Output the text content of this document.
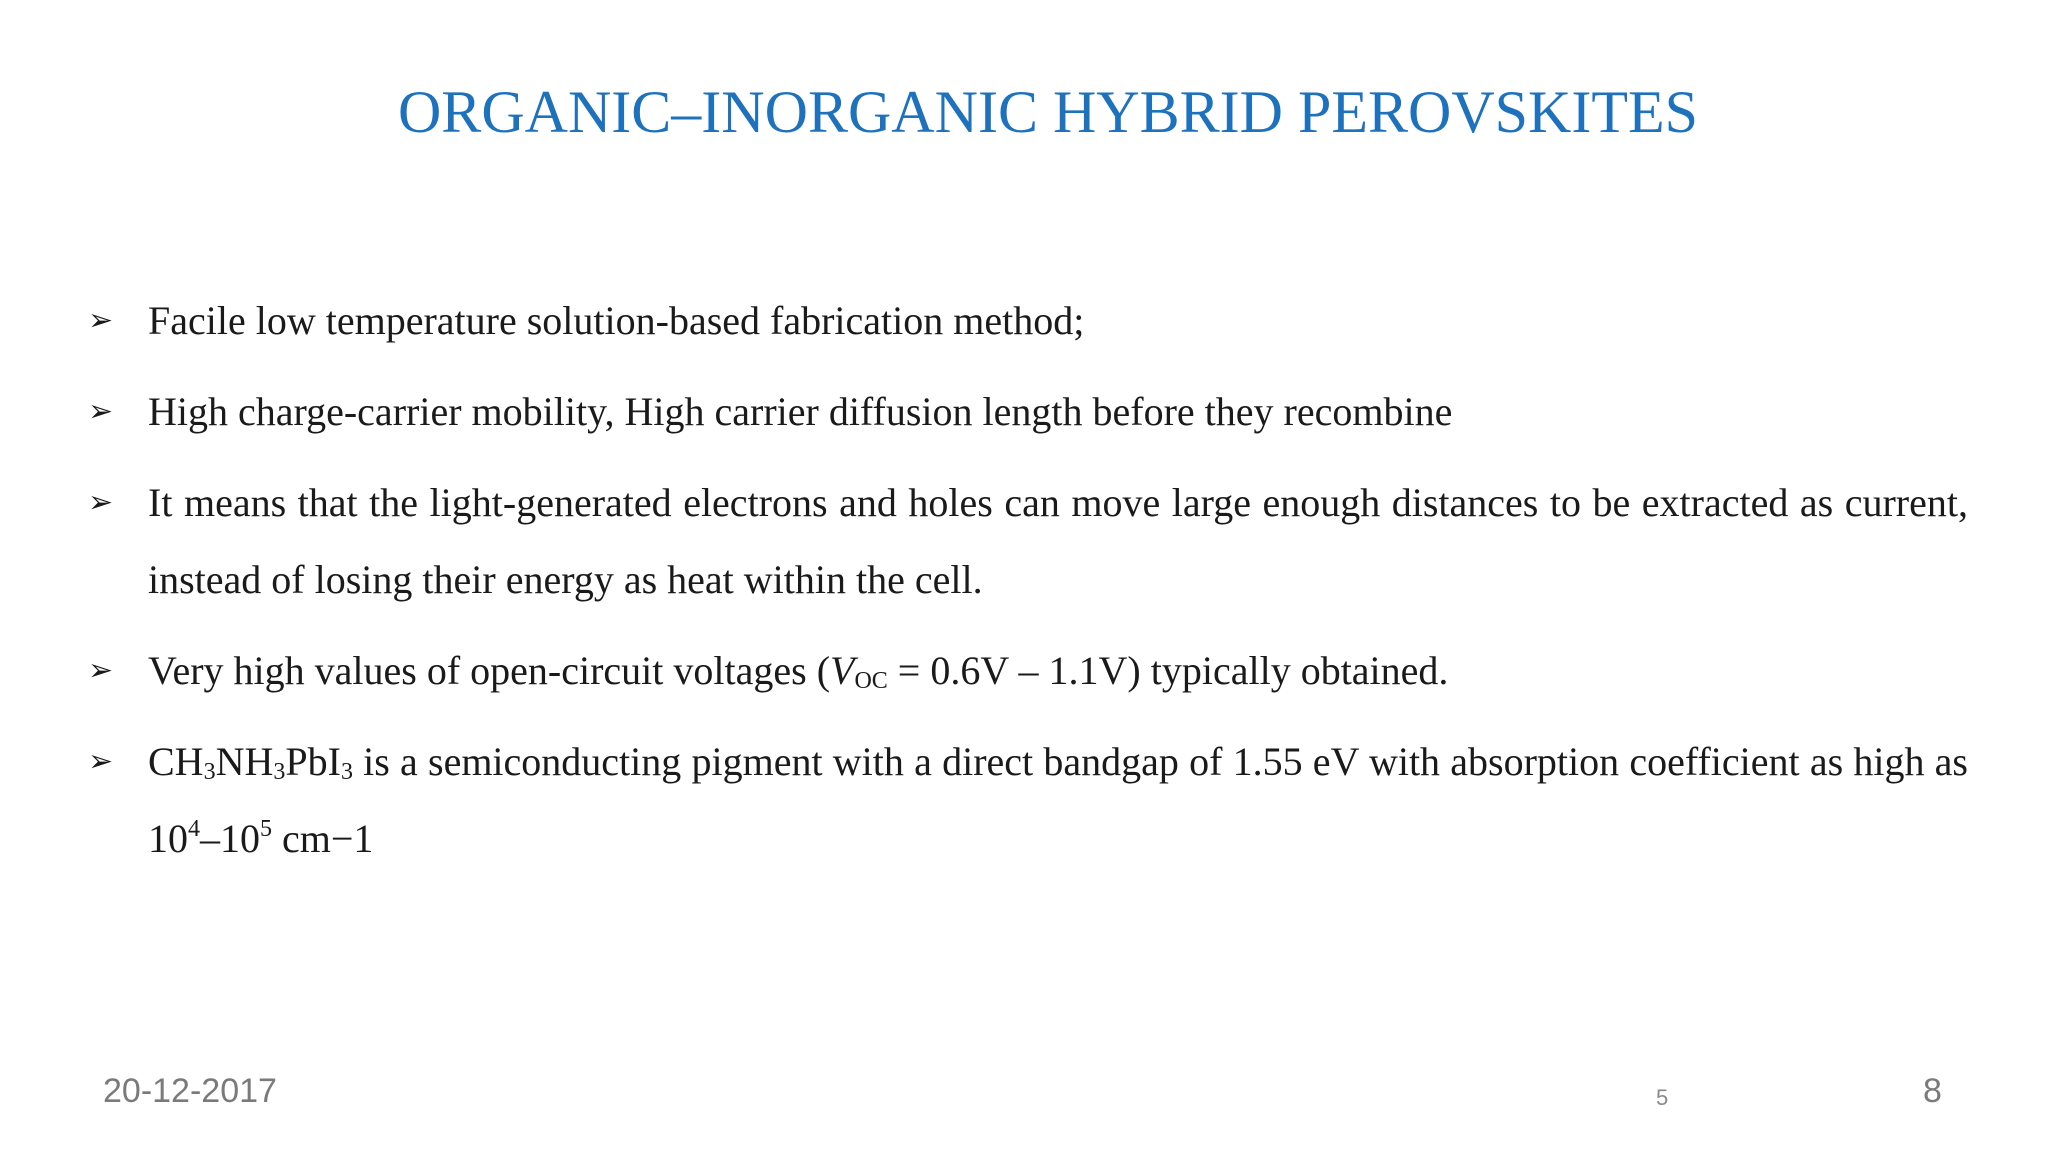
ORGANIC–INORGANIC HYBRID PEROVSKITES
➢ Facile low temperature solution-based fabrication method;
➢ High charge-carrier mobility, High carrier diffusion length before they recombine
➢ It means that the light-generated electrons and holes can move large enough distances to be extracted as current, instead of losing their energy as heat within the cell.
➢ Very high values of open-circuit voltages (VOC = 0.6V – 1.1V) typically obtained.
➢ CH3NH3PbI3 is a semiconducting pigment with a direct bandgap of 1.55 eV with absorption coefficient as high as $10^4-10^5$ cm−1
20-12-2017	5	8
